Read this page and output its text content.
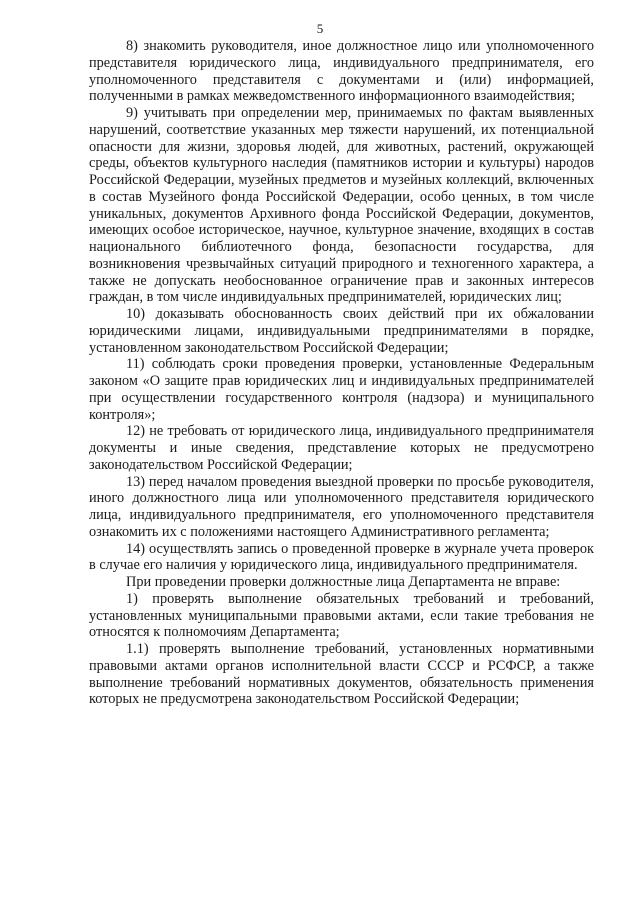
5

8) знакомить руководителя, иное должностное лицо или уполномоченного представителя юридического лица, индивидуального предпринимателя, его уполномоченного представителя с документами и (или) информацией, полученными в рамках межведомственного информационного взаимодействия;

9) учитывать при определении мер, принимаемых по фактам выявленных нарушений, соответствие указанных мер тяжести нарушений, их потенциальной опасности для жизни, здоровья людей, для животных, растений, окружающей среды, объектов культурного наследия (памятников истории и культуры) народов Российской Федерации, музейных предметов и музейных коллекций, включенных в состав Музейного фонда Российской Федерации, особо ценных, в том числе уникальных, документов Архивного фонда Российской Федерации, документов, имеющих особое историческое, научное, культурное значение, входящих в состав национального библиотечного фонда, безопасности государства, для возникновения чрезвычайных ситуаций природного и техногенного характера, а также не допускать необоснованное ограничение прав и законных интересов граждан, в том числе индивидуальных предпринимателей, юридических лиц;

10) доказывать обоснованность своих действий при их обжаловании юридическими лицами, индивидуальными предпринимателями в порядке, установленном законодательством Российской Федерации;

11) соблюдать сроки проведения проверки, установленные Федеральным законом «О защите прав юридических лиц и индивидуальных предпринимателей при осуществлении государственного контроля (надзора) и муниципального контроля»;

12) не требовать от юридического лица, индивидуального предпринимателя документы и иные сведения, представление которых не предусмотрено законодательством Российской Федерации;

13) перед началом проведения выездной проверки по просьбе руководителя, иного должностного лица или уполномоченного представителя юридического лица, индивидуального предпринимателя, его уполномоченного представителя ознакомить их с положениями настоящего Административного регламента;

14) осуществлять запись о проведенной проверке в журнале учета проверок в случае его наличия у юридического лица, индивидуального предпринимателя.

При проведении проверки должностные лица Департамента не вправе:

1) проверять выполнение обязательных требований и требований, установленных муниципальными правовыми актами, если такие требования не относятся к полномочиям Департамента;

1.1) проверять выполнение требований, установленных нормативными правовыми актами органов исполнительной власти СССР и РСФСР, а также выполнение требований нормативных документов, обязательность применения которых не предусмотрена законодательством Российской Федерации;
